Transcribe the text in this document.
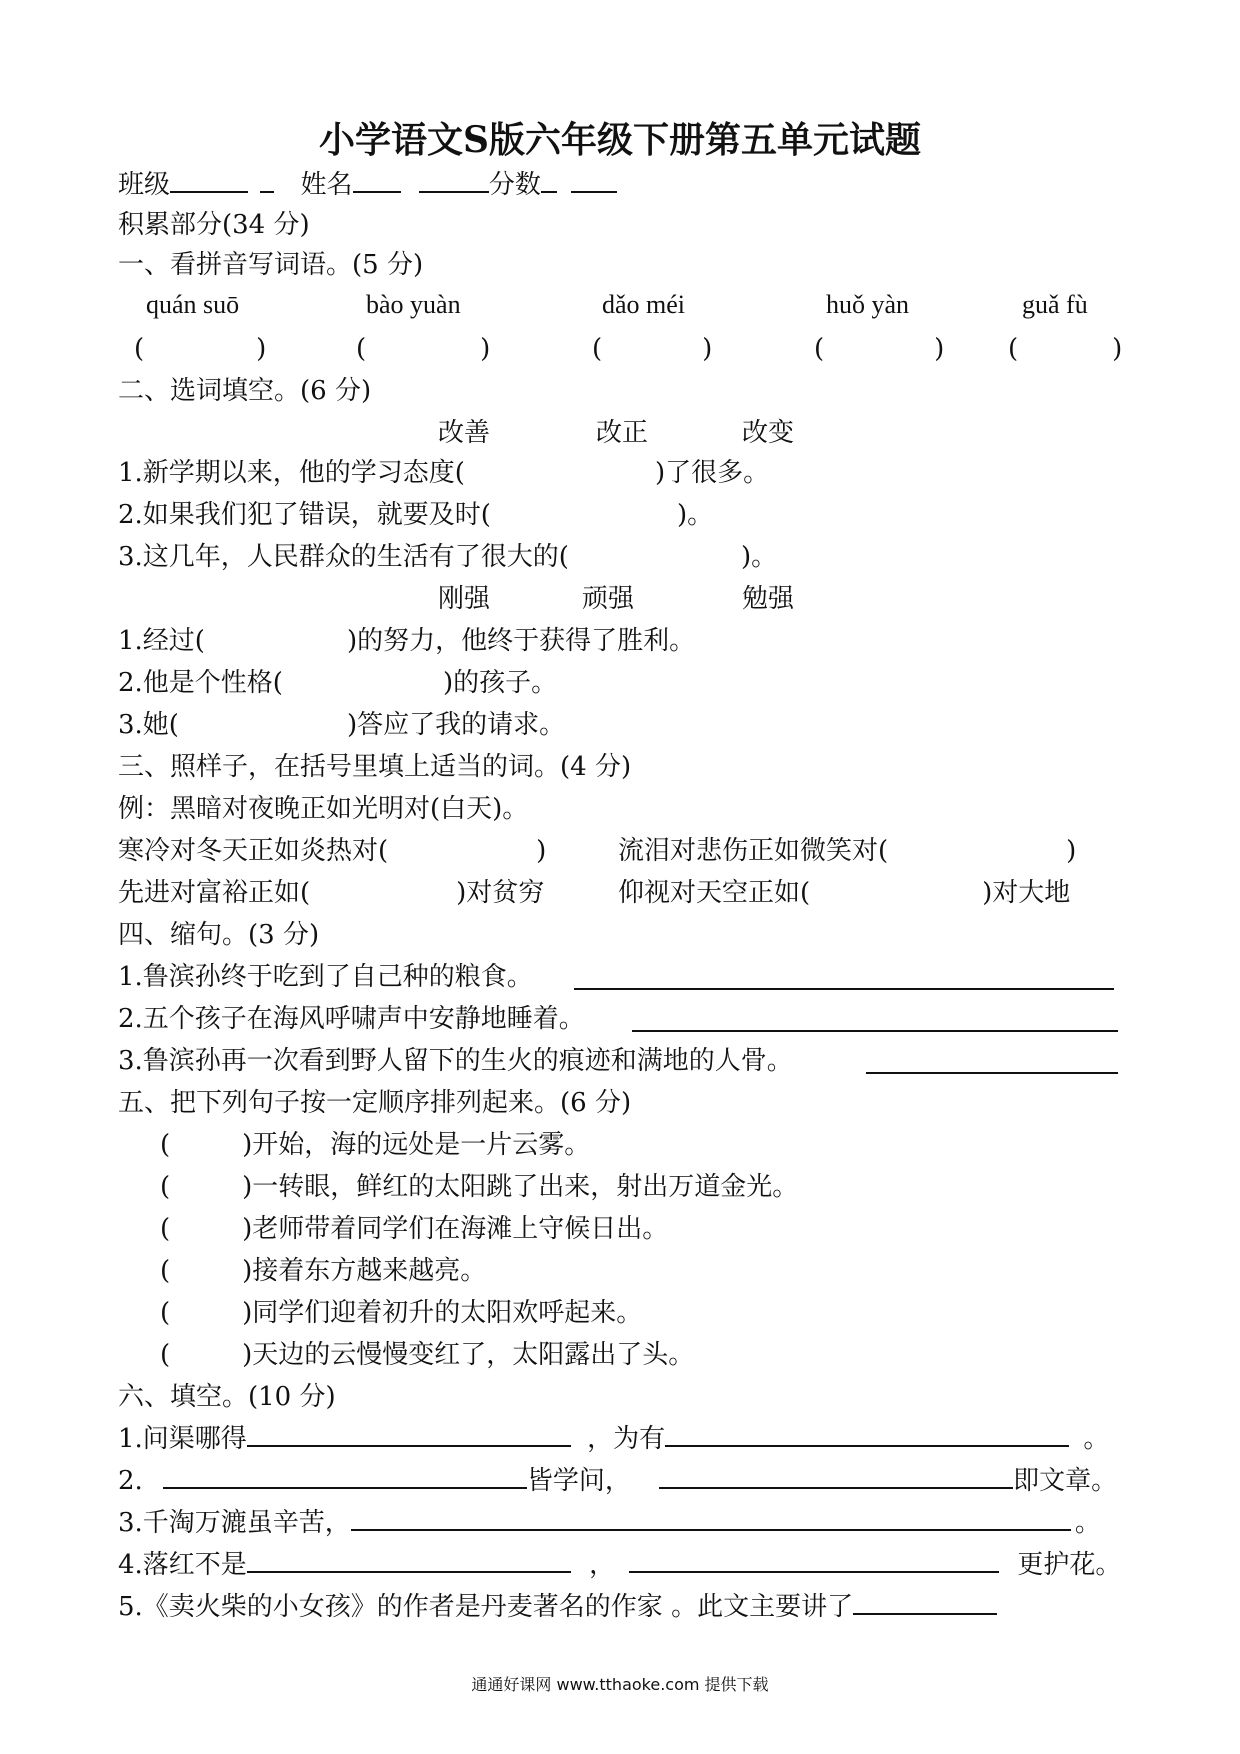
小学语文S版六年级下册第五单元试题
班级	姓名	分数
积累部分(34 分)
一、看拼音写词语。(5 分)
quán suō	bào yuàn	dǎo méi	huǒ yàn	guǎ fù
(	)	(	)	(	)	(	) (	)
二、选词填空。(6 分)
改善	改正	改变
1.新学期以来，他的学习态度(	)了很多。
2.如果我们犯了错误，就要及时(	)。
3.这几年，人民群众的生活有了很大的(	)。
刚强	顽强	勉强
1.经过(	)的努力，他终于获得了胜利。
2.他是个性格(	)的孩子。
3.她(	)答应了我的请求。
三、照样子，在括号里填上适当的词。(4 分)
例：黑暗对夜晚正如光明对(白天)。
寒冷对冬天正如炎热对(	)	流泪对悲伤正如微笑对(	)
先进对富裕正如(	)对贫穷	仰视对天空正如(	)对大地
四、缩句。(3 分)
1.鲁滨孙终于吃到了自己种的粮食。
2.五个孩子在海风呼啸声中安静地睡着。
3.鲁滨孙再一次看到野人留下的生火的痕迹和满地的人骨。
五、把下列句子按一定顺序排列起来。(6 分)
(	)开始，海的远处是一片云雾。
(	)一转眼，鲜红的太阳跳了出来，射出万道金光。
(	)老师带着同学们在海滩上守候日出。
(	)接着东方越来越亮。
(	)同学们迎着初升的太阳欢呼起来。
(	)天边的云慢慢变红了，太阳露出了头。
六、填空。(10 分)
1.问渠哪得	，为有	。
2.	皆学问，	即文章。
3.千淘万漉虽辛苦，	。
4.落红不是	，	更护花。
5.《卖火柴的小女孩》的作者是丹麦著名的作家 。此文主要讲了
通通好课网 www.tthaoke.com 提供下载
